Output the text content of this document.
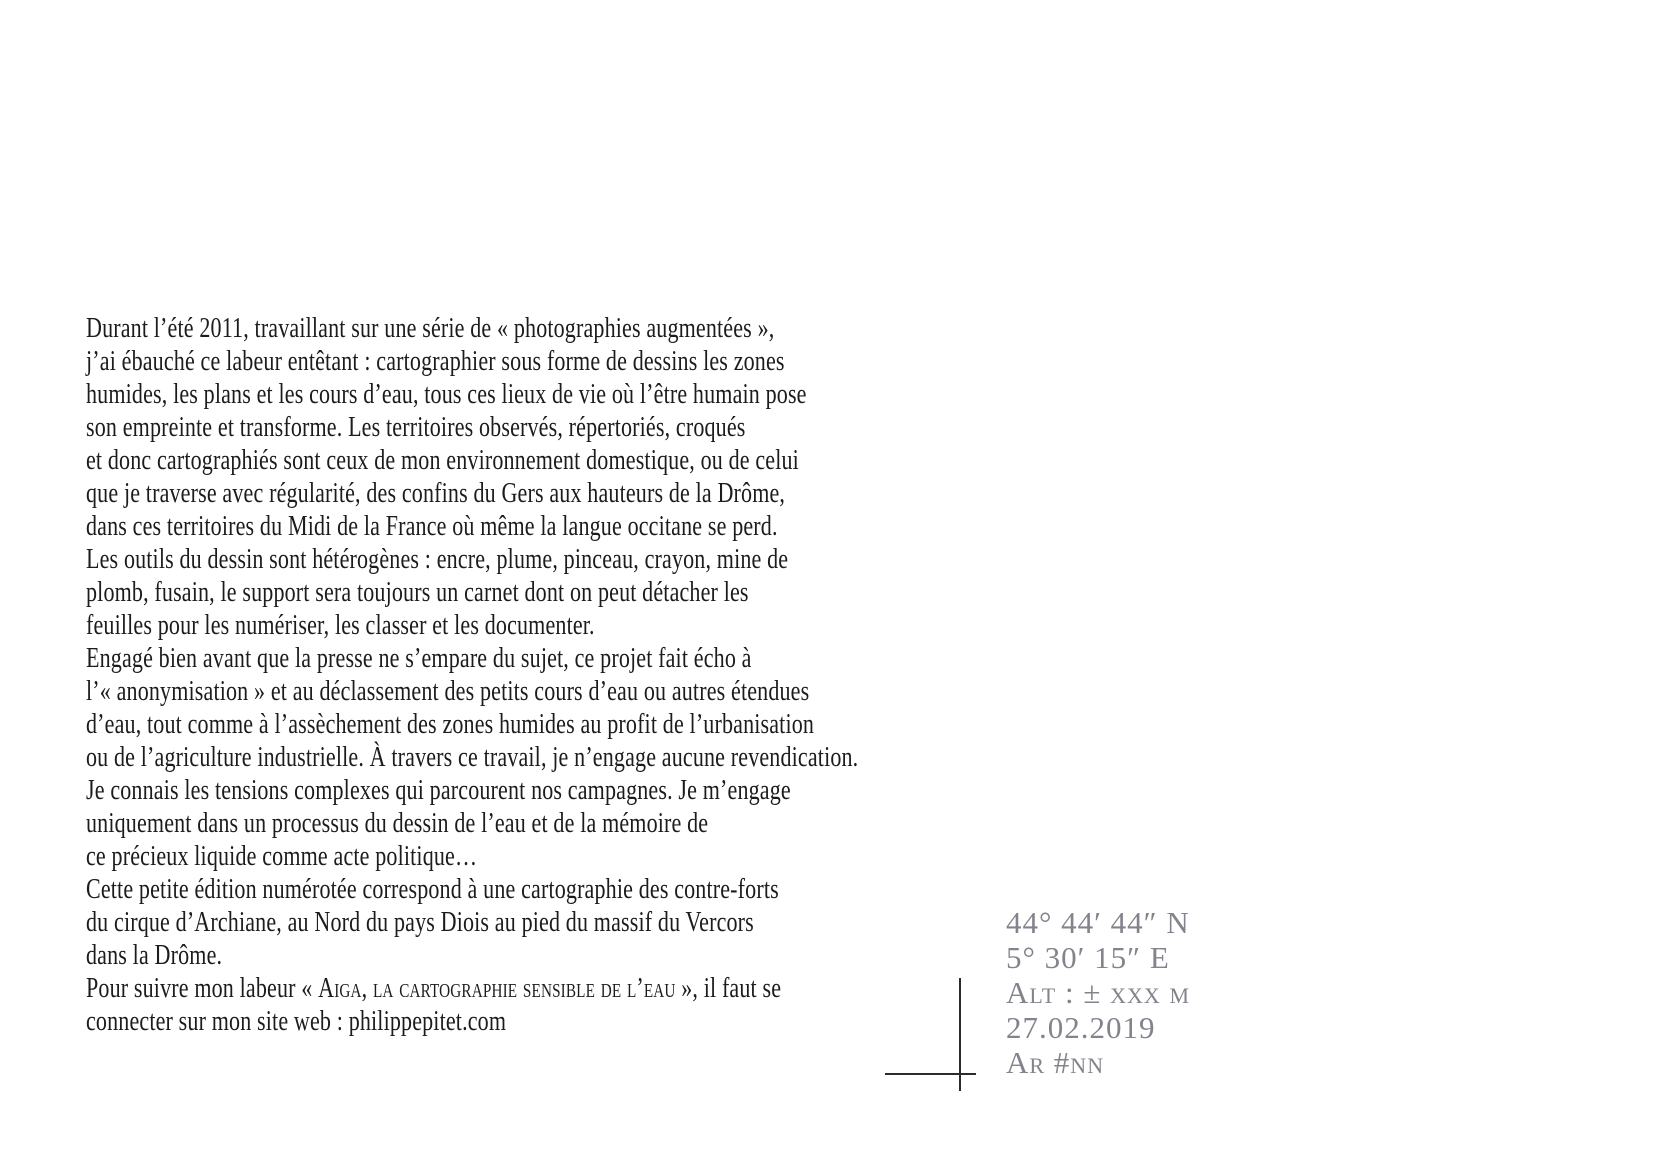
Durant l’été 2011, travaillant sur une série de « photographies augmentées »,
j’ai ébauché ce labeur entêtant : cartographier sous forme de dessins les zones
humides, les plans et les cours d’eau, tous ces lieux de vie où l’être humain pose
son empreinte et transforme. Les territoires observés, répertoriés, croqués
et donc cartographiés sont ceux de mon environnement domestique, ou de celui
que je traverse avec régularité, des confins du Gers aux hauteurs de la Drôme,
dans ces territoires du Midi de la France où même la langue occitane se perd.
Les outils du dessin sont hétérogènes : encre, plume, pinceau, crayon, mine de
plomb, fusain, le support sera toujours un carnet dont on peut détacher les
feuilles pour les numériser, les classer et les documenter.
Engagé bien avant que la presse ne s’empare du sujet, ce projet fait écho à
l’« anonymisation » et au déclassement des petits cours d’eau ou autres étendues
d’eau, tout comme à l’assèchement des zones humides au profit de l’urbanisation
ou de l’agriculture industrielle. À travers ce travail, je n’engage aucune revendication.
Je connais les tensions complexes qui parcourent nos campagnes. Je m’engage
uniquement dans un processus du dessin de l’eau et de la mémoire de
ce précieux liquide comme acte politique…
Cette petite édition numérotée correspond à une cartographie des contre-forts
du cirque d’Archiane, au Nord du pays Diois au pied du massif du Vercors
dans la Drôme.
Pour suivre mon labeur « Aiga, la cartographie sensible de l’eau », il faut se
connecter sur mon site web : philippepitet.com
44° 44′ 44″ N
5° 30′ 15″ E
Alt : ± xxx m
27.02.2019
Ar #nn
